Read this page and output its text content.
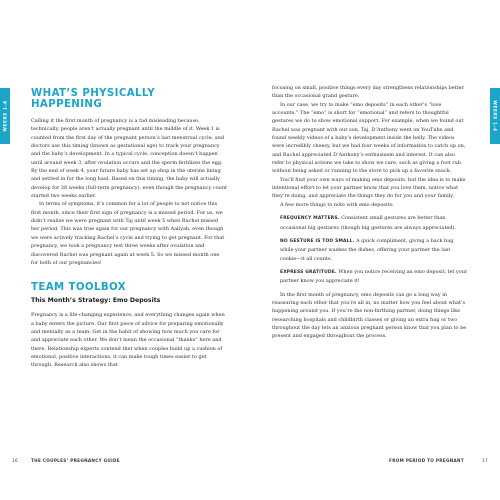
WEEKS 1–4	WEEKS 1–4
WHAT’S PHYSICALLY HAPPENING

Calling it the first month of pregnancy is a tad misleading because, technically, people aren’t actually pregnant until the middle of it. Week 1 is counted from the first day of the pregnant person’s last menstrual cycle, and doctors use this timing (known as gestational age) to track your pregnancy and the baby’s development. In a typical cycle, conception doesn’t happen until around week 3, after ovulation occurs and the sperm fertilizes the egg. By the end of week 4, your future baby has set up shop in the uterine lining and settled in for the long haul. Based on this timing, the baby will actually develop for 38 weeks (full-term pregnancy), even though the pregnancy count started two weeks earlier.

In terms of symptoms, it’s common for a lot of people to not notice this first month, since their first sign of pregnancy is a missed period. For us, we didn’t realize we were pregnant with Taj until week 5 when Rachel missed her period. This was true again for our pregnancy with Aaliyah, even though we were actively tracking Rachel’s cycle and trying to get pregnant. For that pregnancy, we took a pregnancy test three weeks after ovulation and discovered Rachel was pregnant again at week 5. So we missed month one for both of our pregnancies!

TEAM TOOLBOX
This Month’s Strategy: Emo Deposits

Pregnancy is a life-changing experience, and everything changes again when a baby enters the picture. Our first piece of advice for preparing emotionally and mentally as a team: Get in the habit of showing how much you care for and appreciate each other. We don’t mean the occasional “thanks” here and there. Relationship experts contend that when couples build up a cushion of emotional, positive interactions, it can make tough times easier to get through. Research also shows that

focusing on small, positive things every day strengthens relationships better than the occasional grand gesture.

In our case, we try to make “emo deposits” in each other’s “love accounts.” The “emo” is short for “emotional” and refers to thoughtful gestures we do to show emotional support. For example, when we found out Rachel was pregnant with our son, Taj, D’Anthony went on YouTube and found weekly videos of a baby’s development inside the belly. The videos were incredibly cheesy, but we had four weeks of information to catch up on, and Rachel appreciated D’Anthony’s enthusiasm and interest. It can also refer to physical actions we take to show we care, such as giving a foot rub without being asked or running to the store to pick up a favorite snack.

You’ll find your own ways of making emo deposits, but the idea is to make intentional effort to let your partner know that you love them, notice what they’re doing, and appreciate the things they do for you and your family.

A few more things to note with emo deposits:

FREQUENCY MATTERS. Consistent small gestures are better than occasional big gestures (though big gestures are always appreciated).

NO GESTURE IS TOO SMALL. A quick compliment, giving a back hug while your partner washes the dishes, offering your partner the last cookie—it all counts.

EXPRESS GRATITUDE. When you notice receiving an emo deposit, let your partner know you appreciate it!

In the first month of pregnancy, emo deposits can go a long way in reassuring each other that you’re all in, no matter how you feel about what’s happening around you. If you’re the non-birthing partner, doing things like researching hospitals and childbirth classes or giving an extra hug or two throughout the day lets an anxious pregnant person know that you plan to be present and engaged throughout the process.

16	THE COUPLES’ PREGNANCY GUIDE	FROM PERIOD TO PREGNANT	17
